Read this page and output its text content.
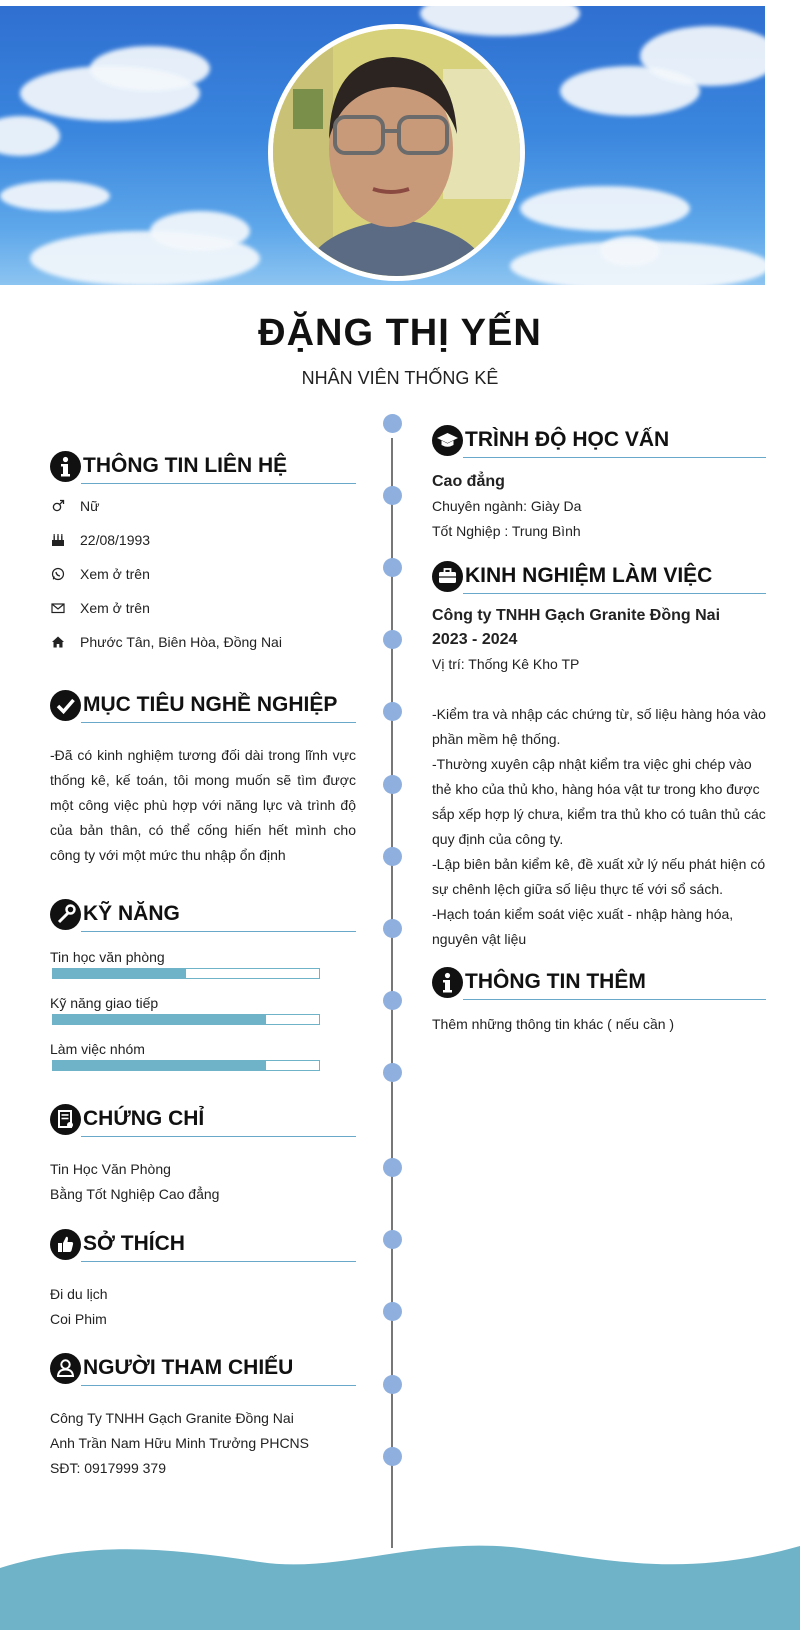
ĐẶNG THỊ YẾN
NHÂN VIÊN THỐNG KÊ
THÔNG TIN LIÊN HỆ
Nữ
22/08/1993
Xem ở trên
Xem ở trên
Phước Tân, Biên Hòa, Đồng Nai
MỤC TIÊU NGHỀ NGHIỆP
-Đã có kinh nghiệm tương đối dài trong lĩnh vực thống kê, kế toán, tôi mong muốn sẽ tìm được một công việc phù hợp với năng lực và trình độ của bản thân, có thể cống hiến hết mình cho công ty với một mức thu nhập ổn định
KỸ NĂNG
Tin học văn phòng
Kỹ năng giao tiếp
Làm việc nhóm
CHỨNG CHỈ
Tin Học Văn Phòng
Bằng Tốt Nghiệp Cao đẳng
SỞ THÍCH
Đi du lịch
Coi Phim
NGƯỜI THAM CHIẾU
Công Ty TNHH Gạch Granite Đồng Nai
Anh Trần Nam Hữu Minh Trưởng PHCNS
SĐT: 0917999 379
TRÌNH ĐỘ HỌC VẤN
Cao đẳng
Chuyên ngành: Giày Da
Tốt Nghiệp : Trung Bình
KINH NGHIỆM LÀM VIỆC
Công ty TNHH Gạch Granite Đồng Nai
2023 - 2024
Vị trí: Thống Kê Kho TP
-Kiểm tra và nhập các chứng từ, số liệu hàng hóa vào phần mềm hệ thống.
-Thường xuyên cập nhật kiểm tra việc ghi chép vào thẻ kho của thủ kho, hàng hóa vật tư trong kho được sắp xếp hợp lý chưa, kiểm tra thủ kho có tuân thủ các quy định của công ty.
-Lập biên bản kiểm kê, đề xuất xử lý nếu phát hiện có sự chênh lệch giữa số liệu thực tế với sổ sách.
-Hạch toán kiểm soát việc xuất - nhập hàng hóa, nguyên vật liệu
THÔNG TIN THÊM
Thêm những thông tin khác ( nếu cần )
